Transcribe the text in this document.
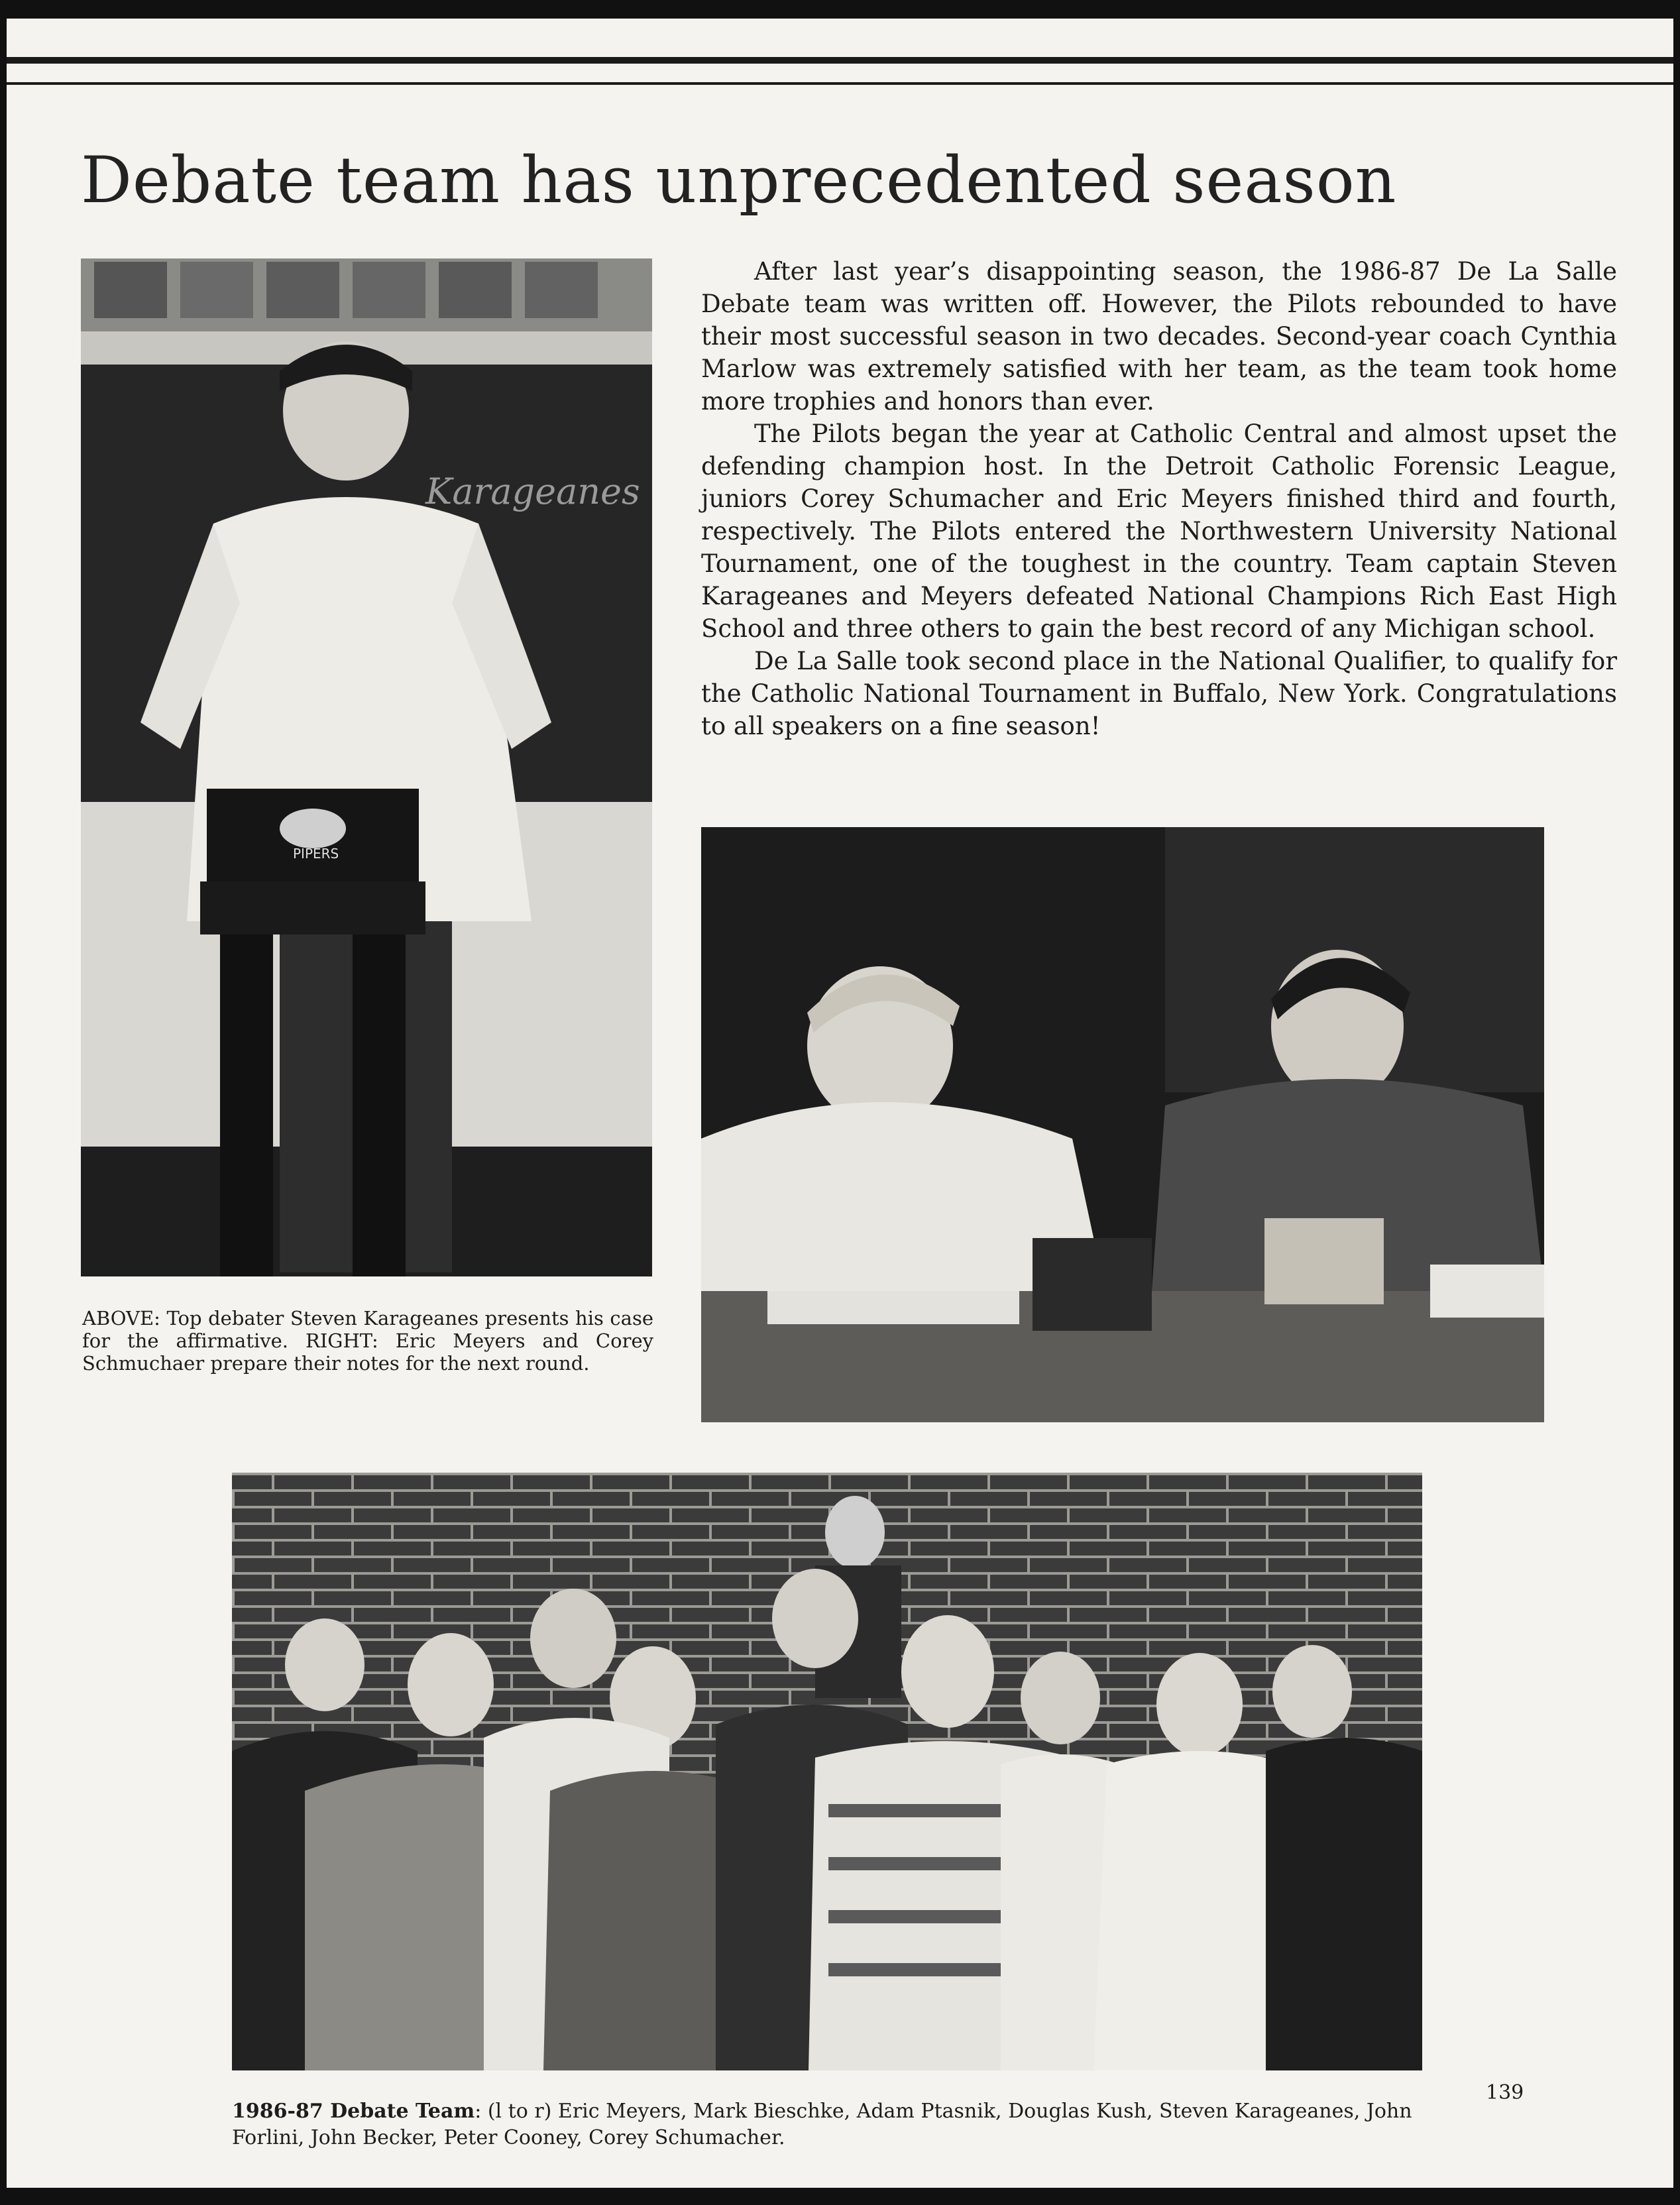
Debate team has unprecedented season
Karageanes
PIPERS
ABOVE: Top debater Steven Karageanes presents his case for the affirmative. RIGHT: Eric Meyers and Corey Schmuchaer prepare their notes for the next round.

After last year’s disappointing season, the 1986-87 De La Salle Debate team was written off. However, the Pilots rebounded to have their most successful season in two decades. Second-year coach Cynthia Marlow was extremely satisfied with her team, as the team took home more trophies and honors than ever.

The Pilots began the year at Catholic Central and almost upset the defending champion host. In the Detroit Catholic Forensic League, juniors Corey Schumacher and Eric Meyers finished third and fourth, respectively. The Pilots entered the Northwestern University National Tournament, one of the toughest in the country. Team captain Steven Karageanes and Meyers defeated National Champions Rich East High School and three others to gain the best record of any Michigan school.

De La Salle took second place in the National Qualifier, to qualify for the Catholic National Tournament in Buffalo, New York. Congratulations to all speakers on a fine season!

1986-87 Debate Team: (l to r) Eric Meyers, Mark Bieschke, Adam Ptasnik, Douglas Kush, Steven Karageanes, John Forlini, John Becker, Peter Cooney, Corey Schumacher.
139
